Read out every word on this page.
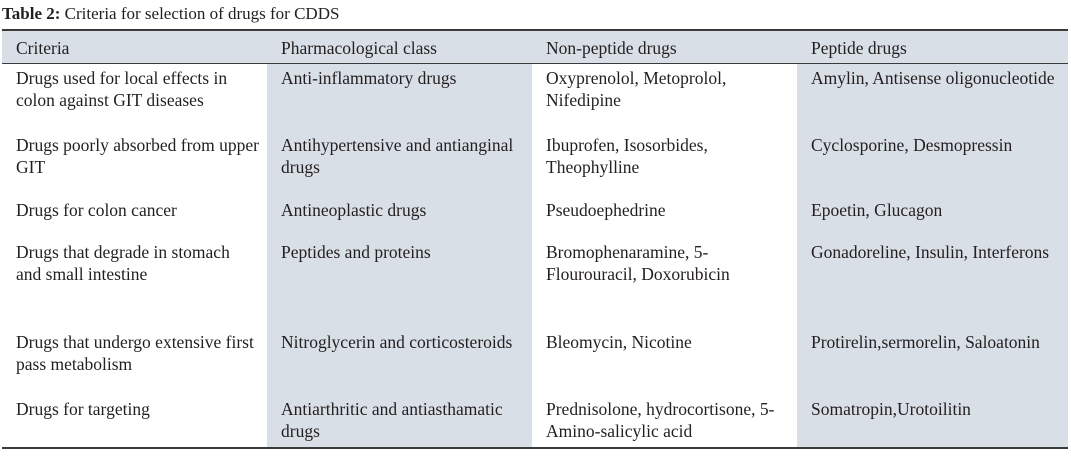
Table 2: Criteria for selection of drugs for CDDS
Criteria	Pharmacological class	Non-peptide drugs	Peptide drugs
Drugs used for local effects in colon against GIT diseases	Anti-inflammatory drugs	Oxyprenolol, Metoprolol, Nifedipine	Amylin, Antisense oligonucleotide
Drugs poorly absorbed from upper GIT	Antihypertensive and antianginal drugs	Ibuprofen, Isosorbides, Theophylline	Cyclosporine, Desmopressin
Drugs for colon cancer	Antineoplastic drugs	Pseudoephedrine	Epoetin, Glucagon
Drugs that degrade in stomach and small intestine	Peptides and proteins	Bromophenaramine, 5-Flourouracil, Doxorubicin	Gonadoreline, Insulin, Interferons
Drugs that undergo extensive first pass metabolism	Nitroglycerin and corticosteroids	Bleomycin, Nicotine	Protirelin,sermorelin, Saloatonin
Drugs for targeting	Antiarthritic and antiasthamatic drugs	Prednisolone, hydrocortisone, 5-Amino-salicylic acid	Somatropin,Urotoilitin
